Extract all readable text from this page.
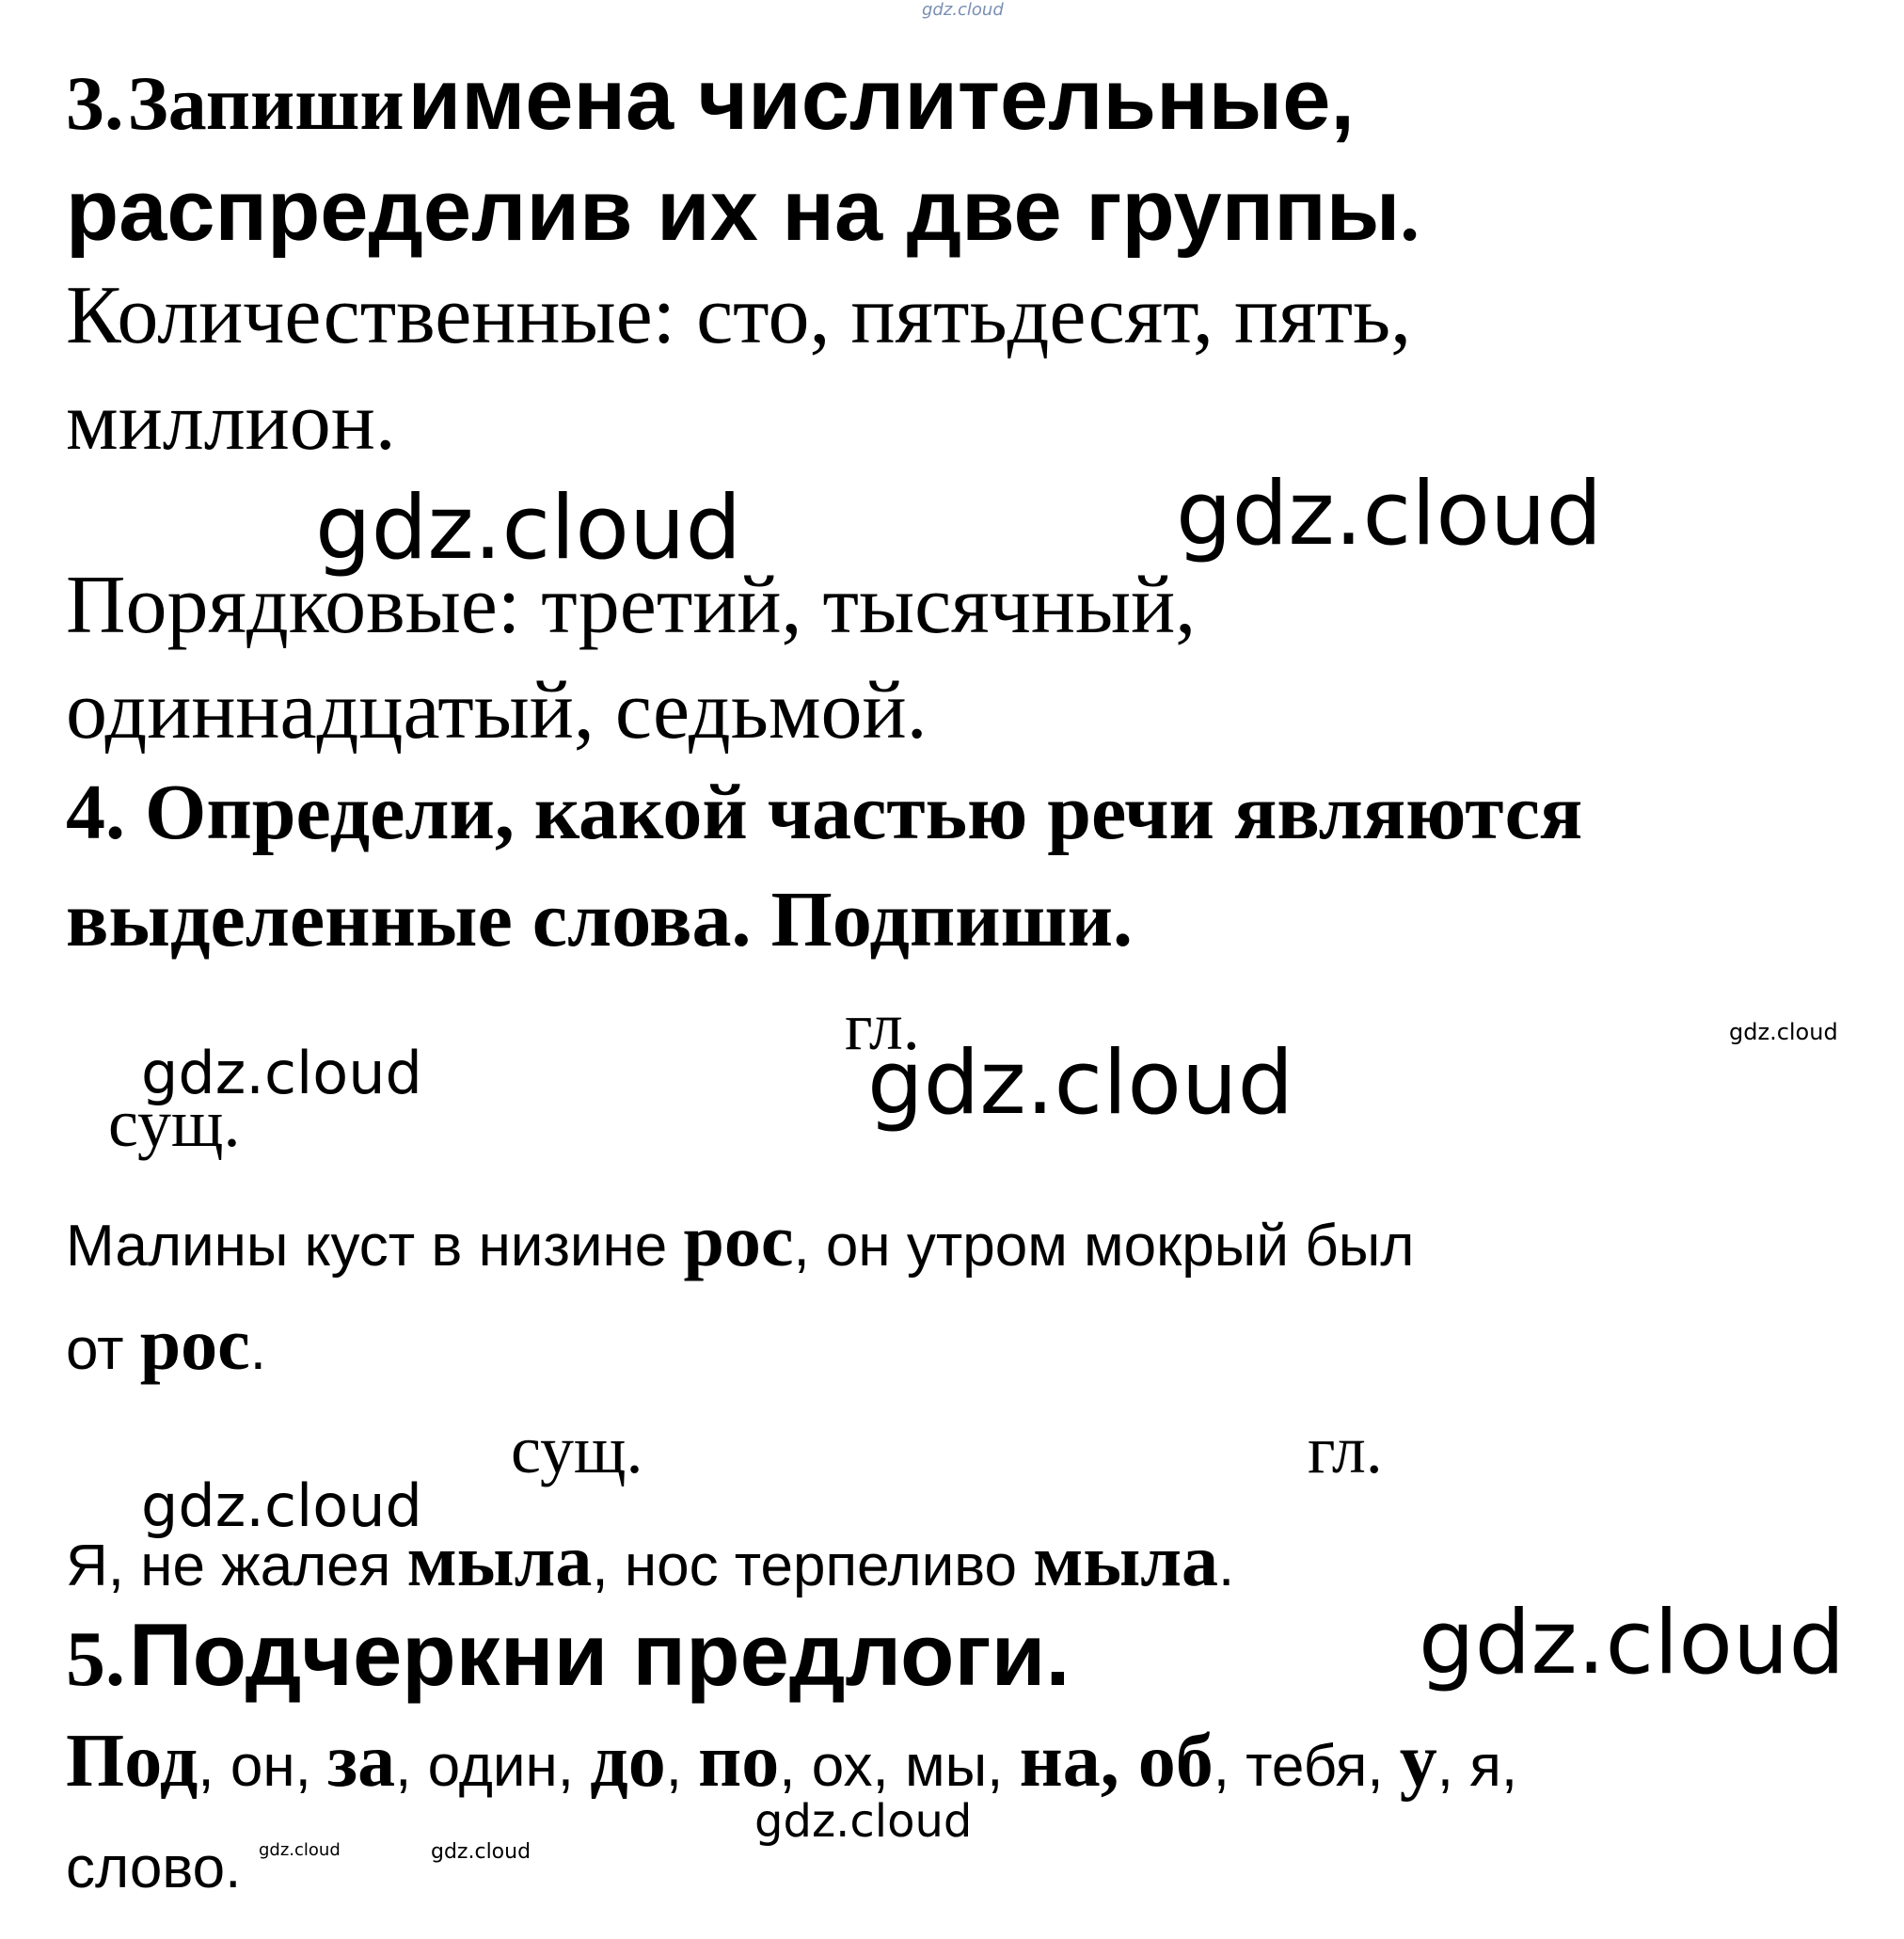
gdz.cloud
3. Запиши имена числительные,
распределив их на две группы.
Количественные: сто, пятьдесят, пять,
миллион.
gdz.cloud	gdz.cloud
Порядковые: третий, тысячный,
одиннадцатый, седьмой.
4. Определи, какой частью речи являются
выделенные слова. Подпиши.
гл.	gdz.cloud
gdz.cloud	gdz.cloud
сущ.
Малины куст в низине рос, он утром мокрый был
от рос.
сущ.	гл.
gdz.cloud
Я, не жалея мыла, нос терпеливо мыла.
5. Подчеркни предлоги.	gdz.cloud
Под, он, за, один, до, по, ох, мы, на, об, тебя, у, я,
gdz.cloud
слово. gdz.cloud	gdz.cloud
